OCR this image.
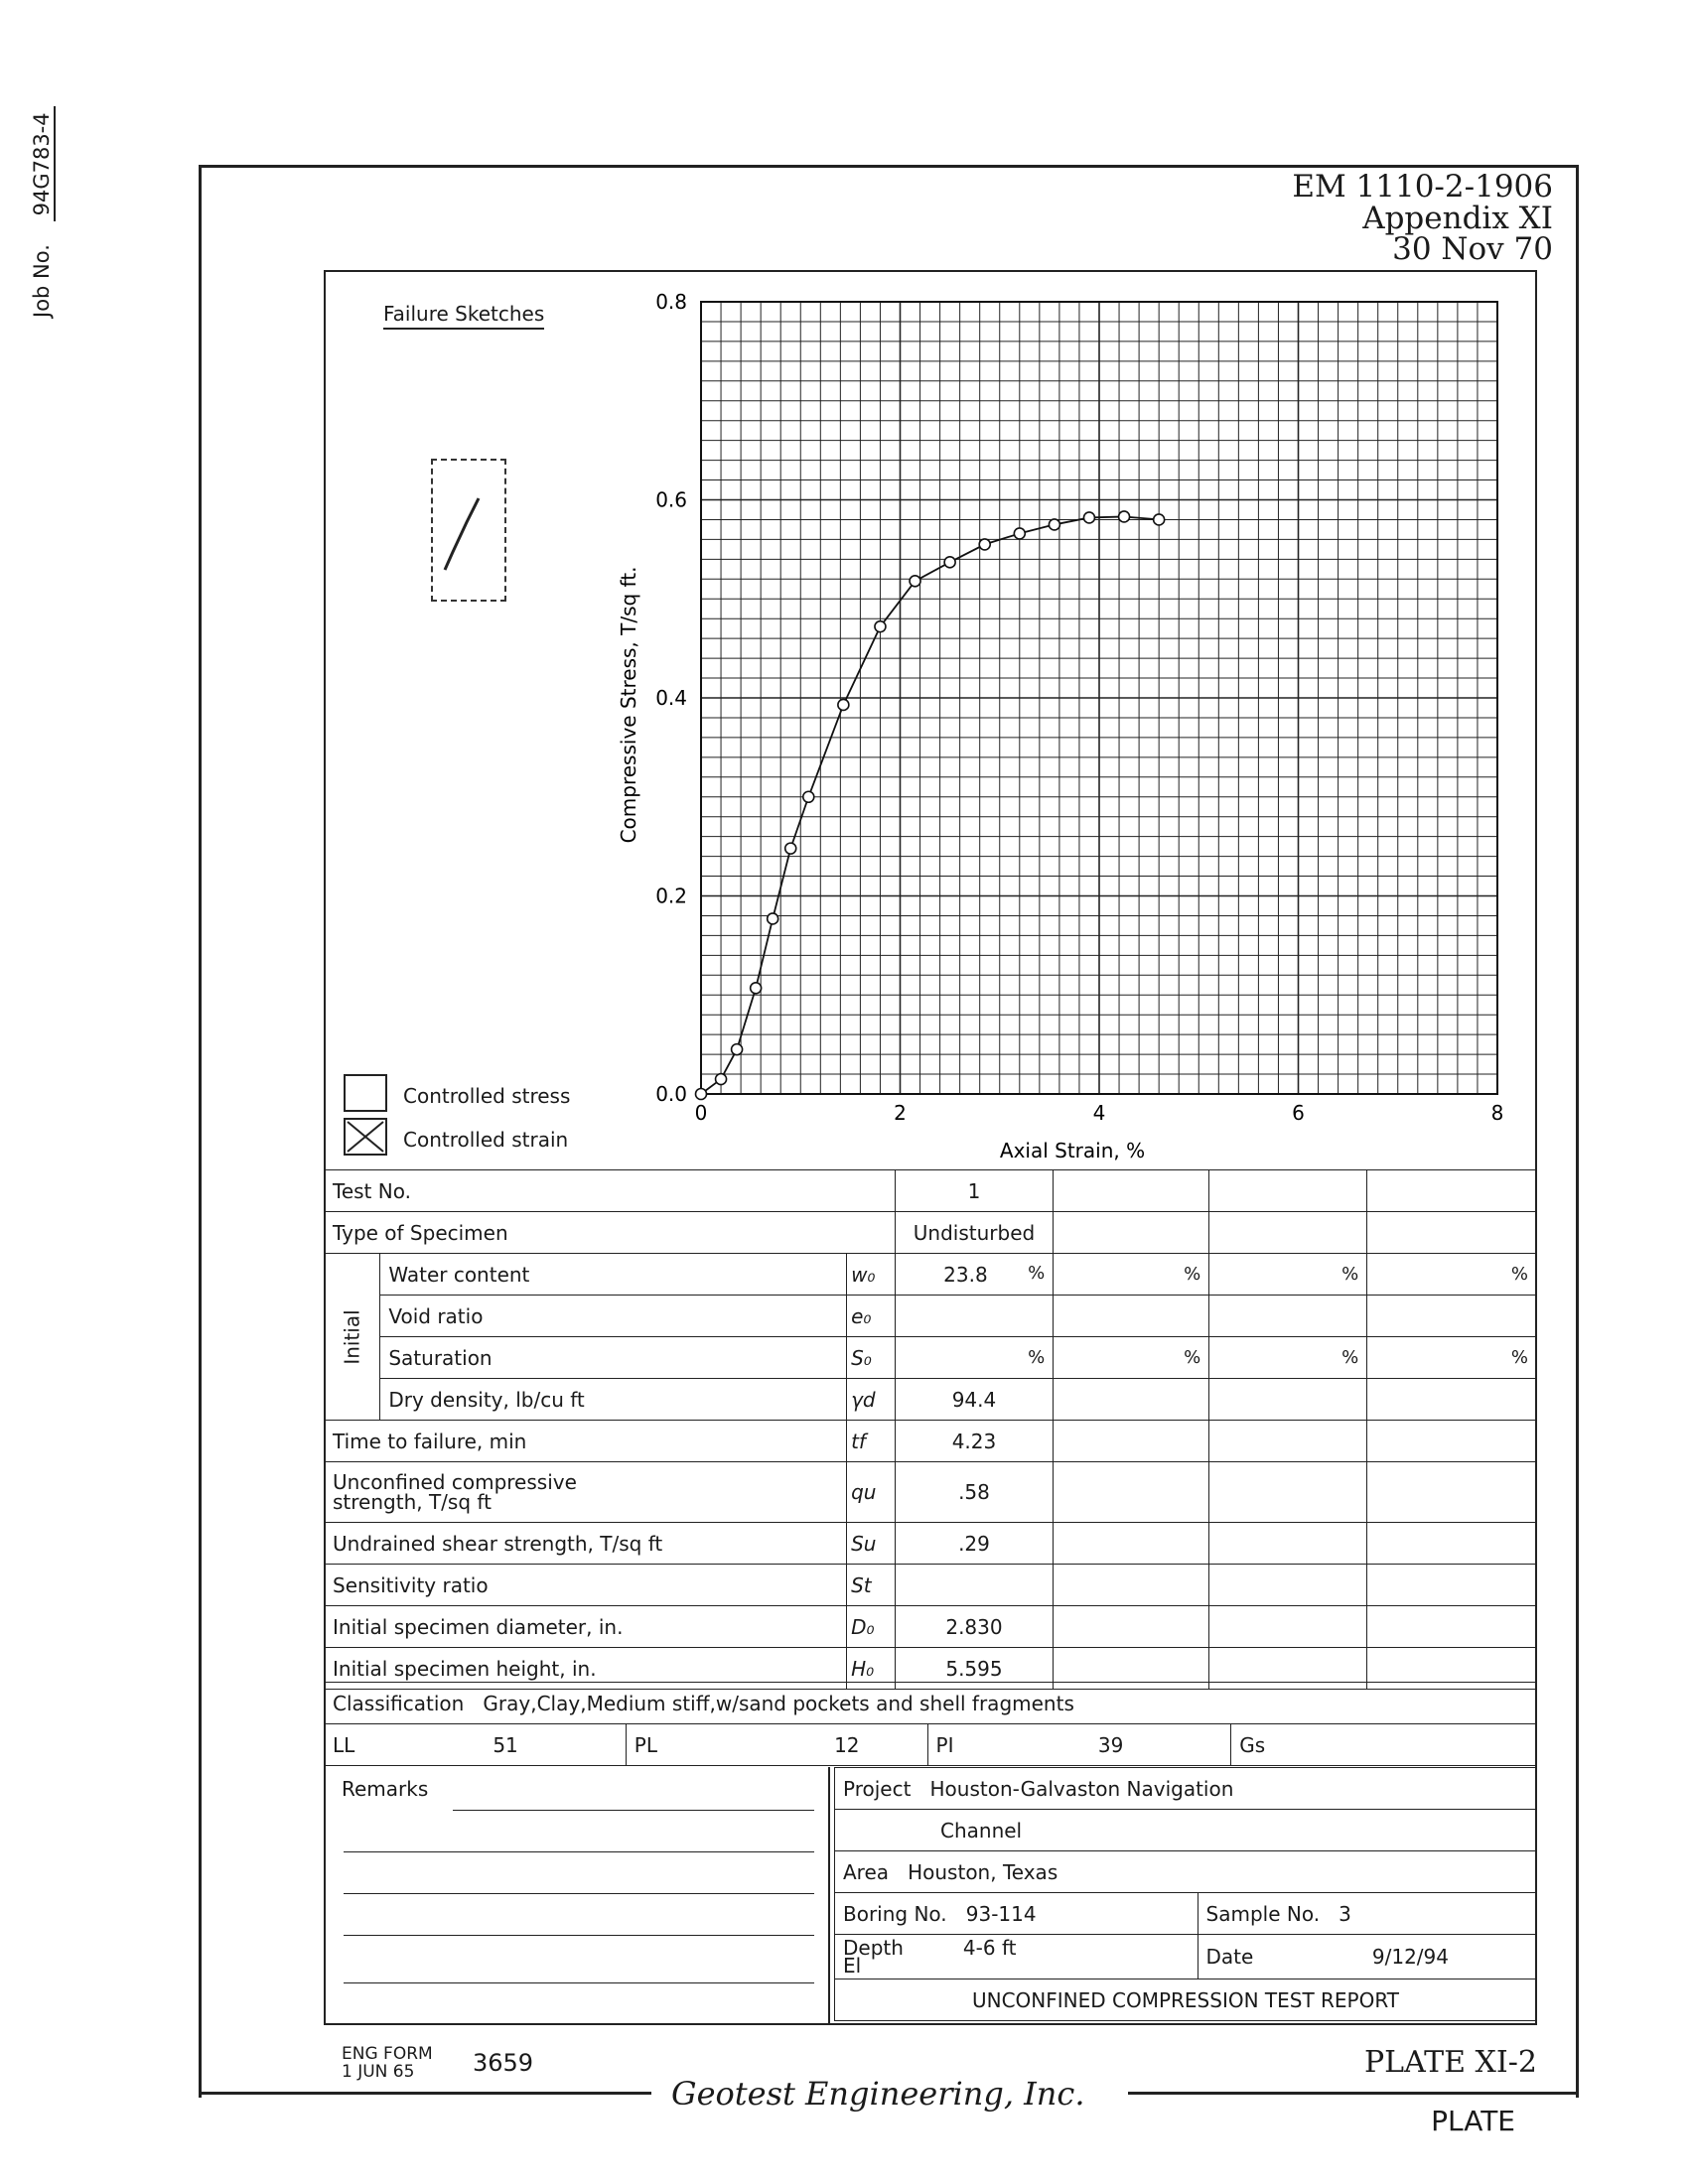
EM 1110-2-1906
Appendix XI
30 Nov 70
Job No. 94G783-4
Failure Sketches
Controlled stress
Controlled strain
0	2	4	6	8
0.0
0.2
0.4
0.6
0.8
Axial Strain, %
Compressive Stress, T/sq ft.
Test No.			1			
Type of Specimen			Undisturbed			
Initial	Water content	w₀	23.8 %	%	%	%

	Void ratio	e₀				
	Saturation	S₀	%	%	%	%

	Dry density, lb/cu ft	γd	94.4			
Time to failure, min		tf	4.23			
Unconfined compressive
strength, T/sq ft		qu	.58			
Undrained shear strength, T/sq ft		Su	.29			
Sensitivity ratio		St				
Initial specimen diameter, in.		D₀	2.830			
Initial specimen height, in.		H₀	5.595			
Classification Gray,Clay,Medium stiff,w/sand pockets and shell fragments
LL	51	PL	12	PI	39	Gs
Remarks	Project Houston-Galvaston Navigation	
Channel	
Area Houston, Texas	
Boring No. 93-114	Sample No. 3
Depth 4-6 ft
El	Date 9/12/94

UNCONFINED COMPRESSION TEST REPORT	
ENG FORM
1 JUN 65	3659	PLATE XI-2
Geotest Engineering, Inc.
PLATE
